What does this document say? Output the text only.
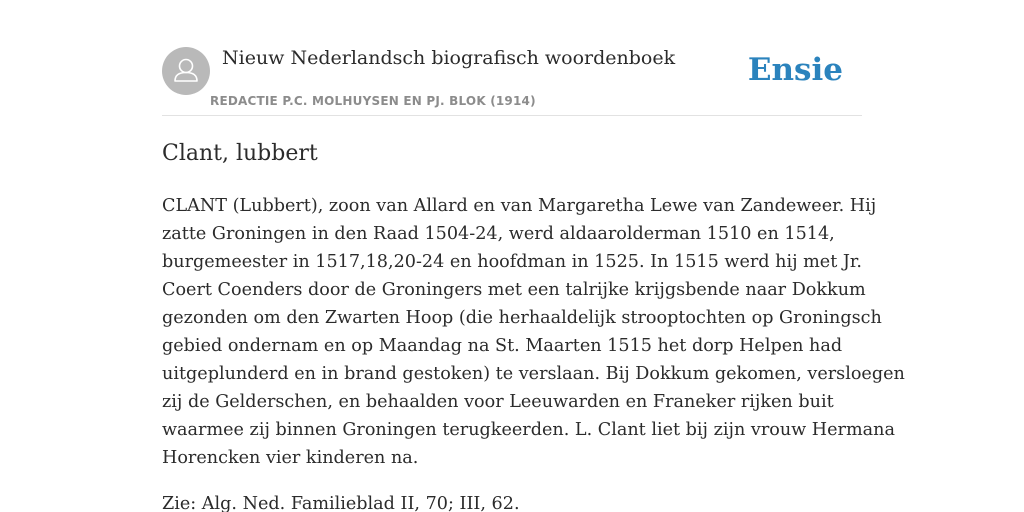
Nieuw Nederlandsch biografisch woordenboek
REDACTIE P.C. MOLHUYSEN EN PJ. BLOK (1914)
Ensie
Clant, lubbert

CLANT (Lubbert), zoon van Allard en van Margaretha Lewe van Zandeweer. Hij
zatte Groningen in den Raad 1504-24, werd aldaarolderman 1510 en 1514,
burgemeester in 1517,18,20-24 en hoofdman in 1525. In 1515 werd hij met Jr.
Coert Coenders door de Groningers met een talrijke krijgsbende naar Dokkum
gezonden om den Zwarten Hoop (die herhaaldelijk strooptochten op Groningsch
gebied ondernam en op Maandag na St. Maarten 1515 het dorp Helpen had
uitgeplunderd en in brand gestoken) te verslaan. Bij Dokkum gekomen, versloegen
zij de Gelderschen, en behaalden voor Leeuwarden en Franeker rijken buit
waarmee zij binnen Groningen terugkeerden. L. Clant liet bij zijn vrouw Hermana
Horencken vier kinderen na.

Zie: Alg. Ned. Familieblad II, 70; III, 62.
